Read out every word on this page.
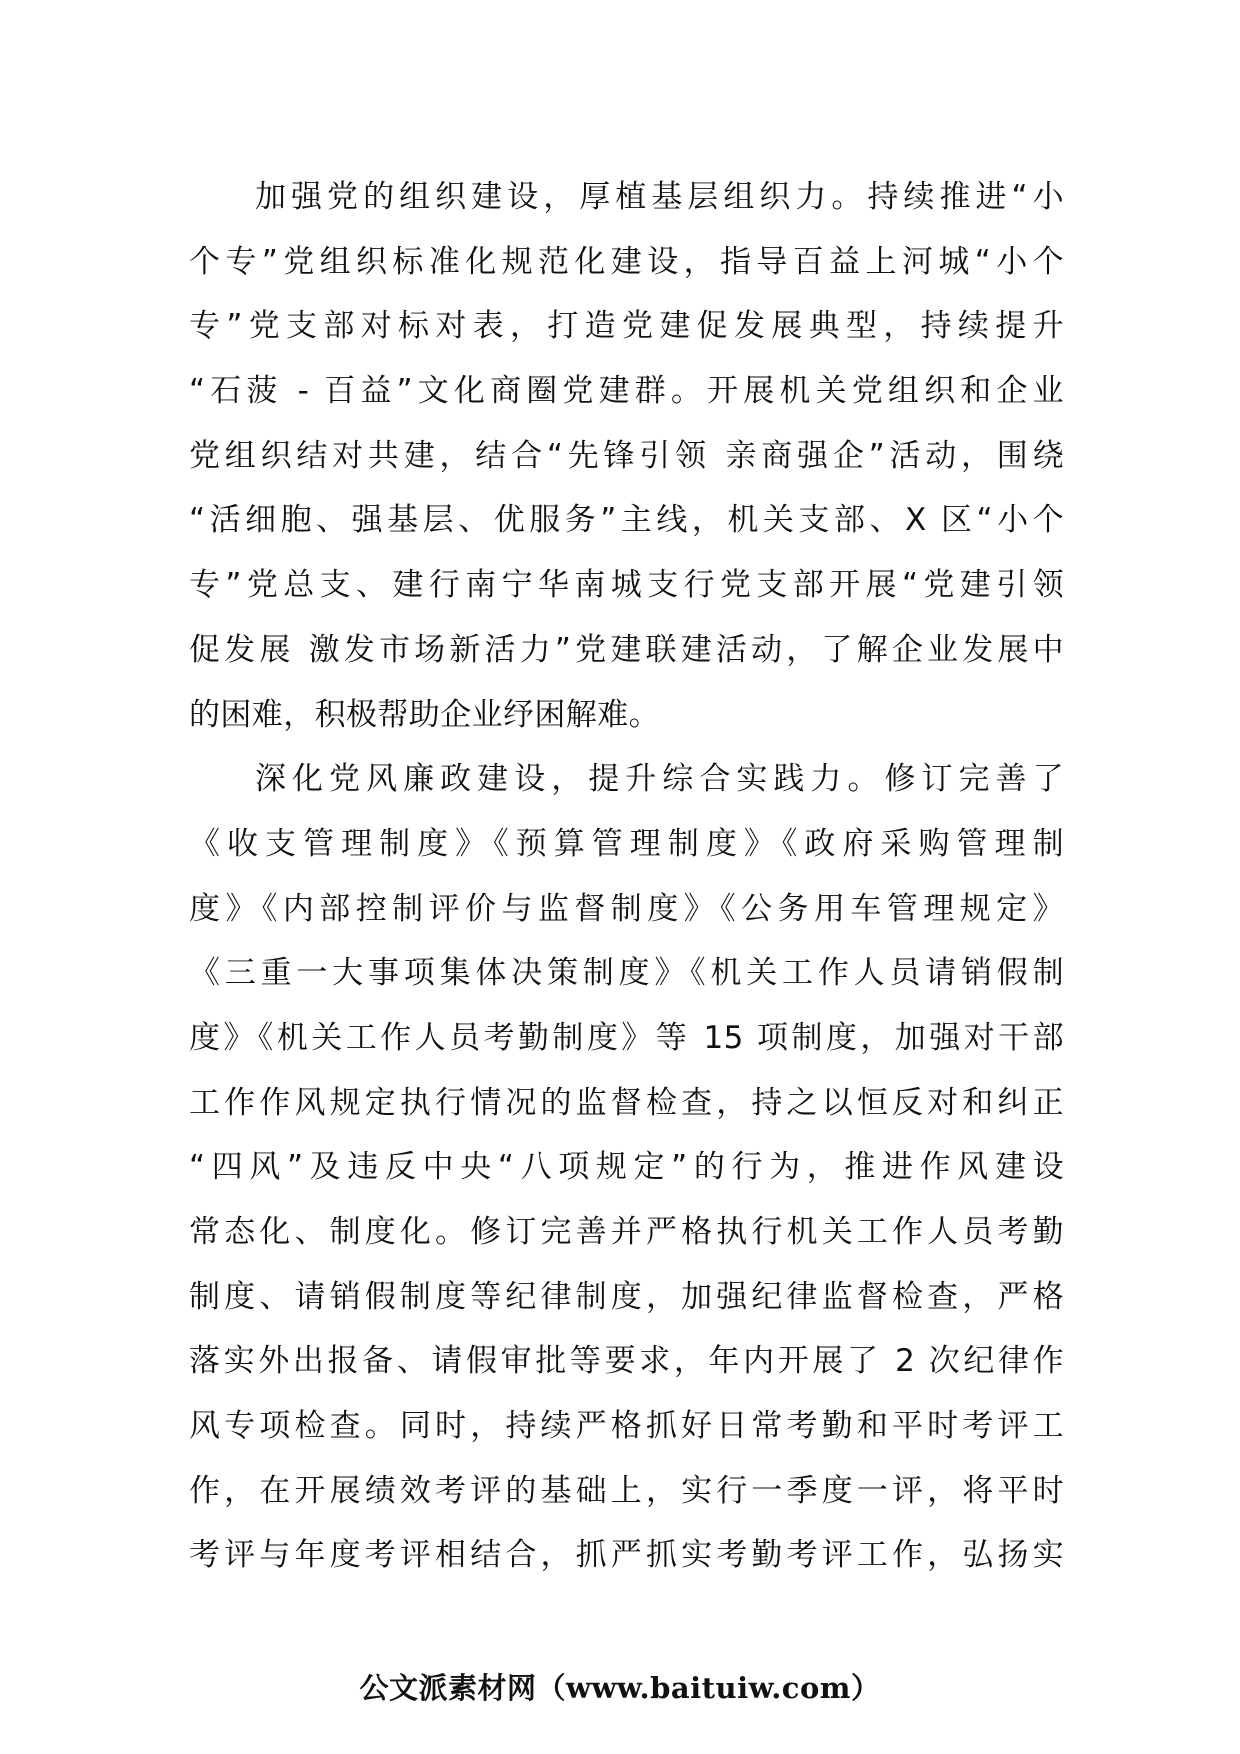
加强党的组织建设，厚植基层组织力。持续推进“小
个专”党组织标准化规范化建设，指导百益上河城“小个
专”党支部对标对表，打造党建促发展典型，持续提升
“石菠 - 百益”文化商圈党建群。开展机关党组织和企业
党组织结对共建，结合“先锋引领 亲商强企”活动，围绕
“活细胞、强基层、优服务”主线，机关支部、X 区“小个
专”党总支、建行南宁华南城支行党支部开展“党建引领
促发展 激发市场新活力”党建联建活动，了解企业发展中
的困难，积极帮助企业纾困解难。
深化党风廉政建设，提升综合实践力。修订完善了
《收支管理制度》《预算管理制度》《政府采购管理制
度》《内部控制评价与监督制度》《公务用车管理规定》
《三重一大事项集体决策制度》《机关工作人员请销假制
度》《机关工作人员考勤制度》等 15 项制度，加强对干部
工作作风规定执行情况的监督检查，持之以恒反对和纠正
“四风”及违反中央“八项规定”的行为，推进作风建设
常态化、制度化。修订完善并严格执行机关工作人员考勤
制度、请销假制度等纪律制度，加强纪律监督检查，严格
落实外出报备、请假审批等要求，年内开展了 2 次纪律作
风专项检查。同时，持续严格抓好日常考勤和平时考评工
作，在开展绩效考评的基础上，实行一季度一评，将平时
考评与年度考评相结合，抓严抓实考勤考评工作，弘扬实
公文派素材网（www.baituiw.com）
